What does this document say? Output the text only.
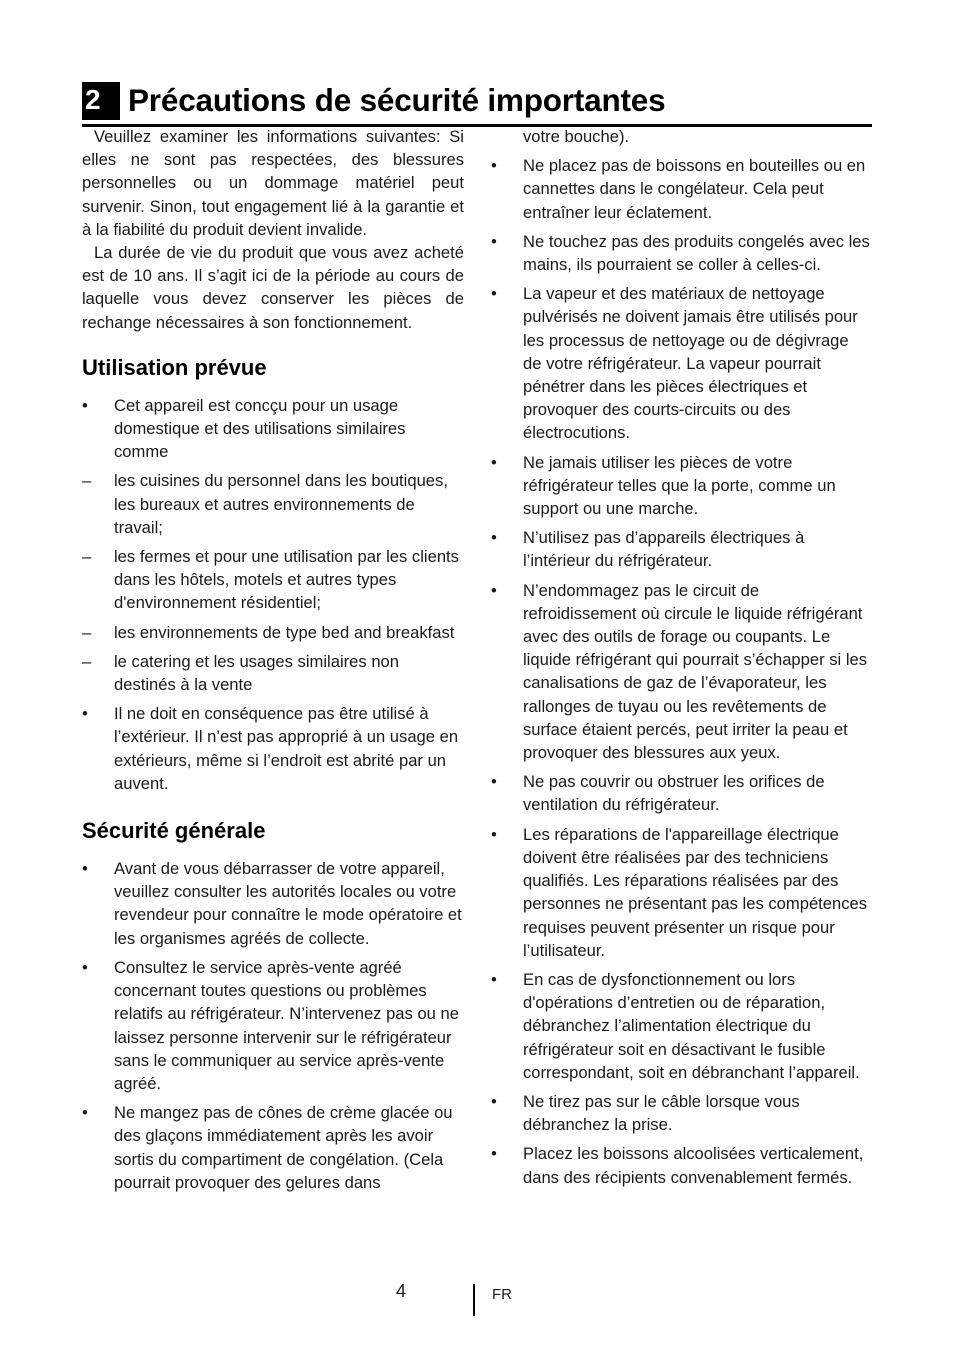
2 Précautions de sécurité importantes

Veuillez examiner les informations suivantes: Si elles ne sont pas respectées, des blessures personnelles ou un dommage matériel peut survenir. Sinon, tout engagement lié à la garantie et à la fiabilité du produit devient invalide.

La durée de vie du produit que vous avez acheté est de 10 ans. Il s’agit ici de la période au cours de laquelle vous devez conserver les pièces de rechange nécessaires à son fonctionnement.

Utilisation prévue
•	Cet appareil est concçu pour un usage domestique et des utilisations similaires comme
–	les cuisines du personnel dans les boutiques, les bureaux et autres environnements de travail;
–	les fermes et pour une utilisation par les clients dans les hôtels, motels et autres types d'environnement résidentiel;
–	les environnements de type bed and breakfast
–	le catering et les usages similaires non destinés à la vente
•	Il ne doit en conséquence pas être utilisé à l’extérieur. Il n’est pas approprié à un usage en extérieurs, même si l’endroit est abrité par un auvent.
Sécurité générale
•	Avant de vous débarrasser de votre appareil, veuillez consulter les autorités locales ou votre revendeur pour connaître le mode opératoire et les organismes agréés de collecte.
•	Consultez le service après-vente agréé concernant toutes questions ou problèmes relatifs au réfrigérateur. N’intervenez pas ou ne laissez personne intervenir sur le réfrigérateur sans le communiquer au service après-vente agréé.
•	Ne mangez pas de cônes de crème glacée ou des glaçons immédiatement après les avoir sortis du compartiment de congélation. (Cela pourrait provoquer des gelures dans
votre bouche).
•	Ne placez pas de boissons en bouteilles ou en cannettes dans le congélateur. Cela peut entraîner leur éclatement.
•	Ne touchez pas des produits congelés avec les mains, ils pourraient se coller à celles-ci.
•	La vapeur et des matériaux de nettoyage pulvérisés ne doivent jamais être utilisés pour les processus de nettoyage ou de dégivrage de votre réfrigérateur. La vapeur pourrait pénétrer dans les pièces électriques et provoquer des courts-circuits ou des électrocutions.
•	Ne jamais utiliser les pièces de votre réfrigérateur telles que la porte, comme un support ou une marche.
•	N’utilisez pas d’appareils électriques à l’intérieur du réfrigérateur.
•	N’endommagez pas le circuit de refroidissement où circule le liquide réfrigérant avec des outils de forage ou coupants. Le liquide réfrigérant qui pourrait s’échapper si les canalisations de gaz de l’évaporateur, les rallonges de tuyau ou les revêtements de surface étaient percés, peut irriter la peau et provoquer des blessures aux yeux.
•	Ne pas couvrir ou obstruer les orifices de ventilation du réfrigérateur.
•	Les réparations de l'appareillage électrique doivent être réalisées par des techniciens qualifiés. Les réparations réalisées par des personnes ne présentant pas les compétences requises peuvent présenter un risque pour l’utilisateur.
•	En cas de dysfonctionnement ou lors d'opérations d’entretien ou de réparation, débranchez l’alimentation électrique du réfrigérateur soit en désactivant le fusible correspondant, soit en débranchant l’appareil.
•	Ne tirez pas sur le câble lorsque vous débranchez la prise.
•	Placez les boissons alcoolisées verticalement, dans des récipients convenablement fermés.
4	FR
